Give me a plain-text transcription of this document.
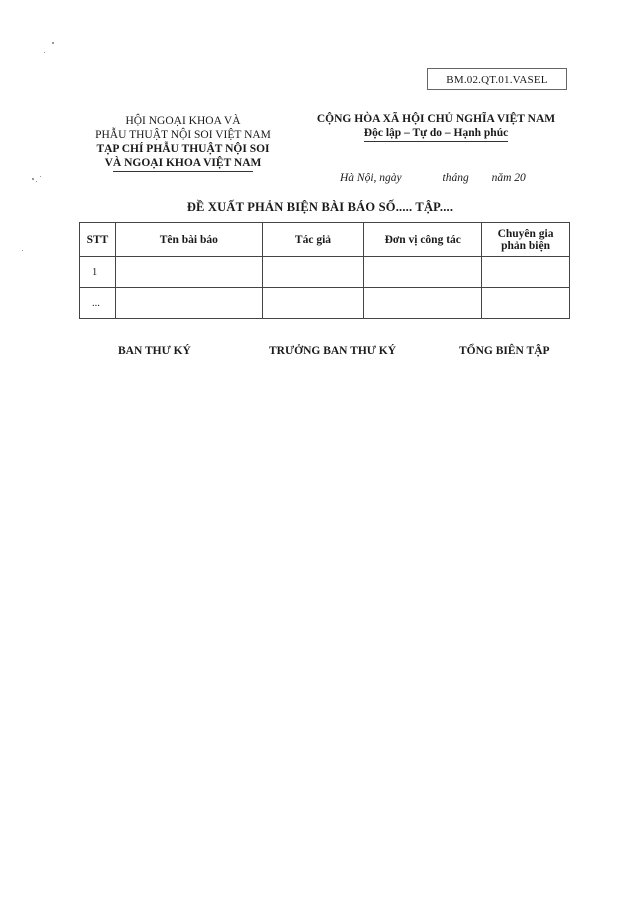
BM.02.QT.01.VASEL
HỘI NGOẠI KHOA VÀ
PHẪU THUẬT NỘI SOI VIỆT NAM
TẠP CHÍ PHẪU THUẬT NỘI SOI
VÀ NGOẠI KHOA VIỆT NAM
CỘNG HÒA XÃ HỘI CHỦ NGHĨA VIỆT NAM
Độc lập – Tự do – Hạnh phúc
Hà Nội, ngày	tháng năm 20
ĐỀ XUẤT PHẢN BIỆN BÀI BÁO SỐ..... TẬP....
STT	Tên bài báo	Tác giả	Đơn vị công tác	Chuyên gia phản biện
1				
...				
BAN THƯ KÝ	TRƯỞNG BAN THƯ KÝ	TỔNG BIÊN TẬP
